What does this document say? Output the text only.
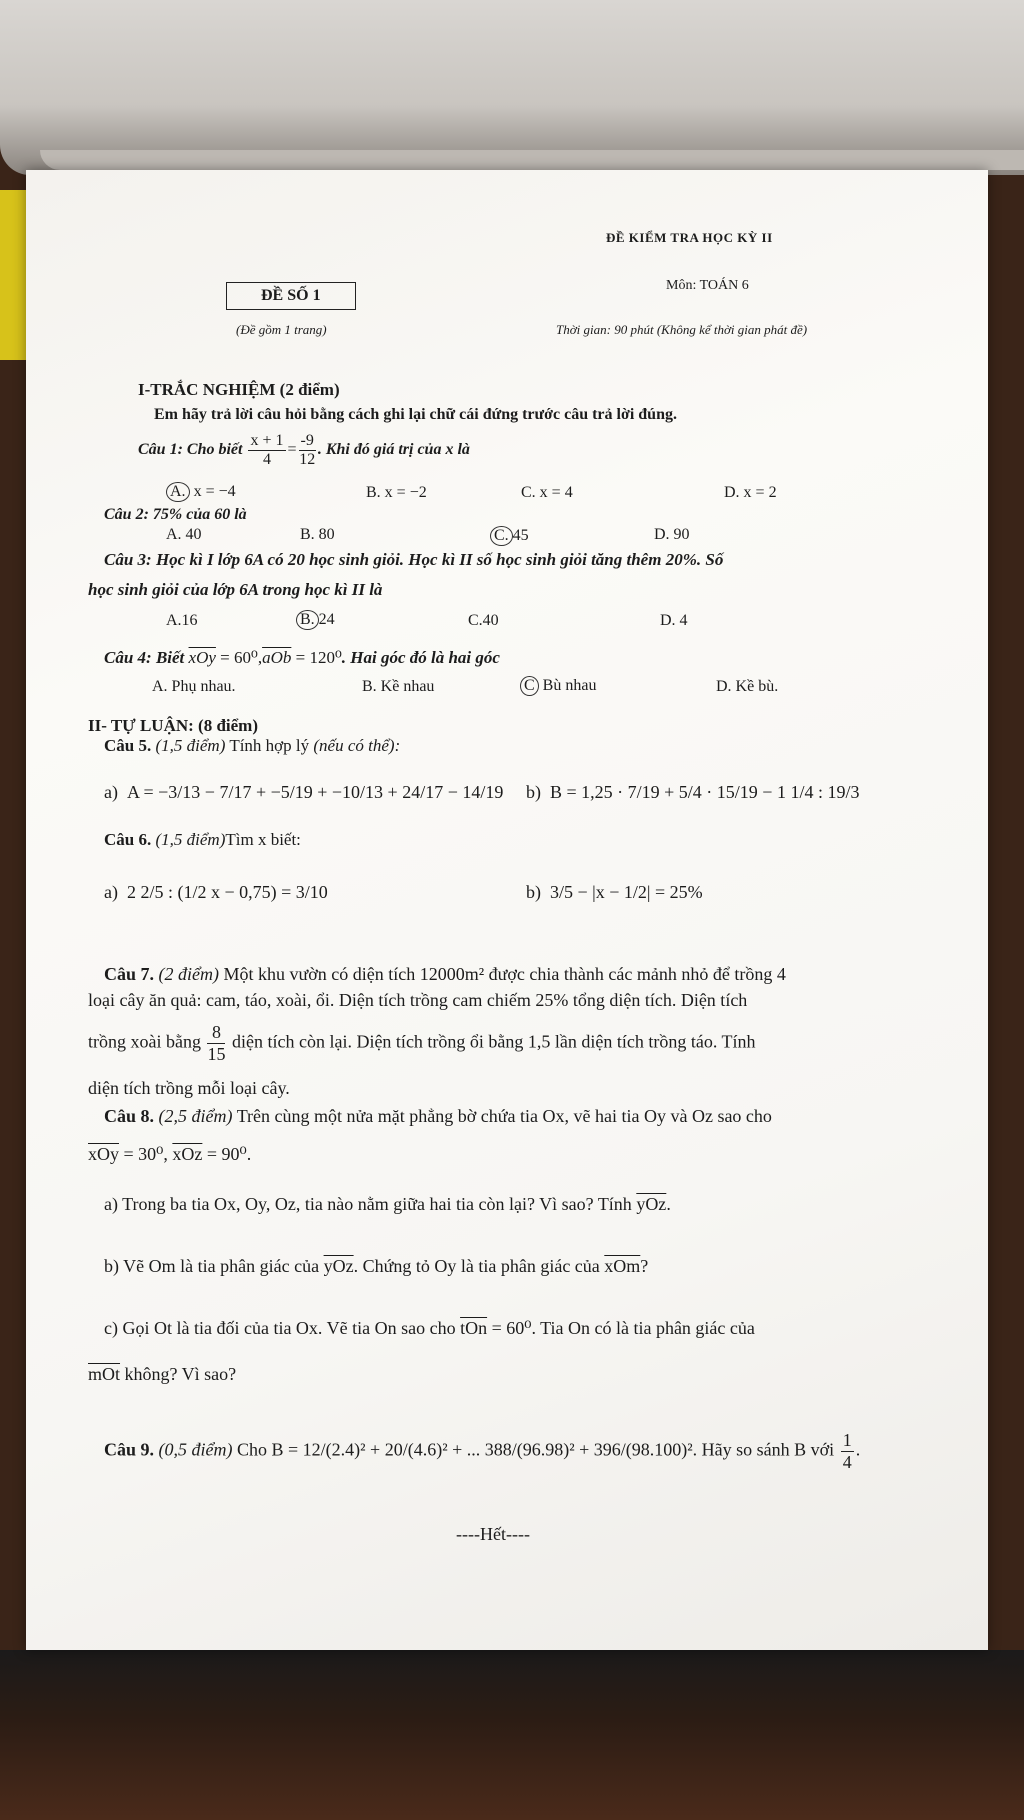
ĐỀ KIỂM TRA HỌC KỲ II
Môn: TOÁN 6
ĐỀ SỐ 1
(Đề gồm 1 trang)	Thời gian: 90 phút (Không kể thời gian phát đề)
I-TRẮC NGHIỆM (2 điểm)
Em hãy trả lời câu hỏi bằng cách ghi lại chữ cái đứng trước câu trả lời đúng.
Câu 1: Cho biết $\frac{x + 1}{4} = \frac{-9}{12}$ . Khi đó giá trị của x là
A. x = −4	B. x = −2	C. x = 4	D. x = 2
Câu 2: 75% của 60 là
A. 40	B. 80	C. 45	D. 90
Câu 3: Học kì I lớp 6A có 20 học sinh giỏi. Học kì II số học sinh giỏi tăng thêm 20%. Số
học sinh giỏi của lớp 6A trong học kì II là
A.16	B. 24	C.40	D. 4
Câu 4: Biết $\overline{xOy} = 60^0,\overline{aOb} = 120^0$. Hai góc đó là hai góc
A. Phụ nhau.	B. Kề nhau	C Bù nhau	D. Kề bù.
II- TỰ LUẬN: (8 điểm)
Câu 5. (1,5 điểm) Tính hợp lý (nếu có thể):
a) A = −3/13 − 7/17 + −5/19 + −10/13 + 24/17 − 14/19 b) B = 1,25 · 7/19 + 5/4 · 15/19 − 1 1/4 : 19/3
Câu 6. (1,5 điểm)Tìm x biết:
a) 2 2/5 : (1/2 x − 0,75) = 3/10	b) 3/5 − |x − 1/2| = 25%
Câu 7. (2 điểm) Một khu vườn có diện tích 12000m² được chia thành các mảnh nhỏ để trồng 4
loại cây ăn quả: cam, táo, xoài, ổi. Diện tích trồng cam chiếm 25% tổng diện tích. Diện tích
trồng xoài bằng $\frac{8}{15}$ diện tích còn lại. Diện tích trồng ổi bằng 1,5 lần diện tích trồng táo. Tính
diện tích trồng mỗi loại cây.
Câu 8. (2,5 điểm) Trên cùng một nửa mặt phẳng bờ chứa tia Ox, vẽ hai tia Oy và Oz sao cho
$\overline{xOy} = 30^0$, $\overline{xOz} = 90^0$.
a) Trong ba tia Ox, Oy, Oz, tia nào nằm giữa hai tia còn lại? Vì sao? Tính $\overline{yOz}$.
b) Vẽ Om là tia phân giác của $\overline{yOz}$. Chứng tỏ Oy là tia phân giác của $\overline{xOm}$?
c) Gọi Ot là tia đối của tia Ox. Vẽ tia On sao cho $\overline{tOn} = 60^0$. Tia On có là tia phân giác của
$\overline{mOt}$ không? Vì sao?
Câu 9. (0,5 điểm) Cho B = 12/(2.4)² + 20/(4.6)² + ... 388/(96.98)² + 396/(98.100)². Hãy so sánh B với $\frac{1}{4}$ .
----Hết----
